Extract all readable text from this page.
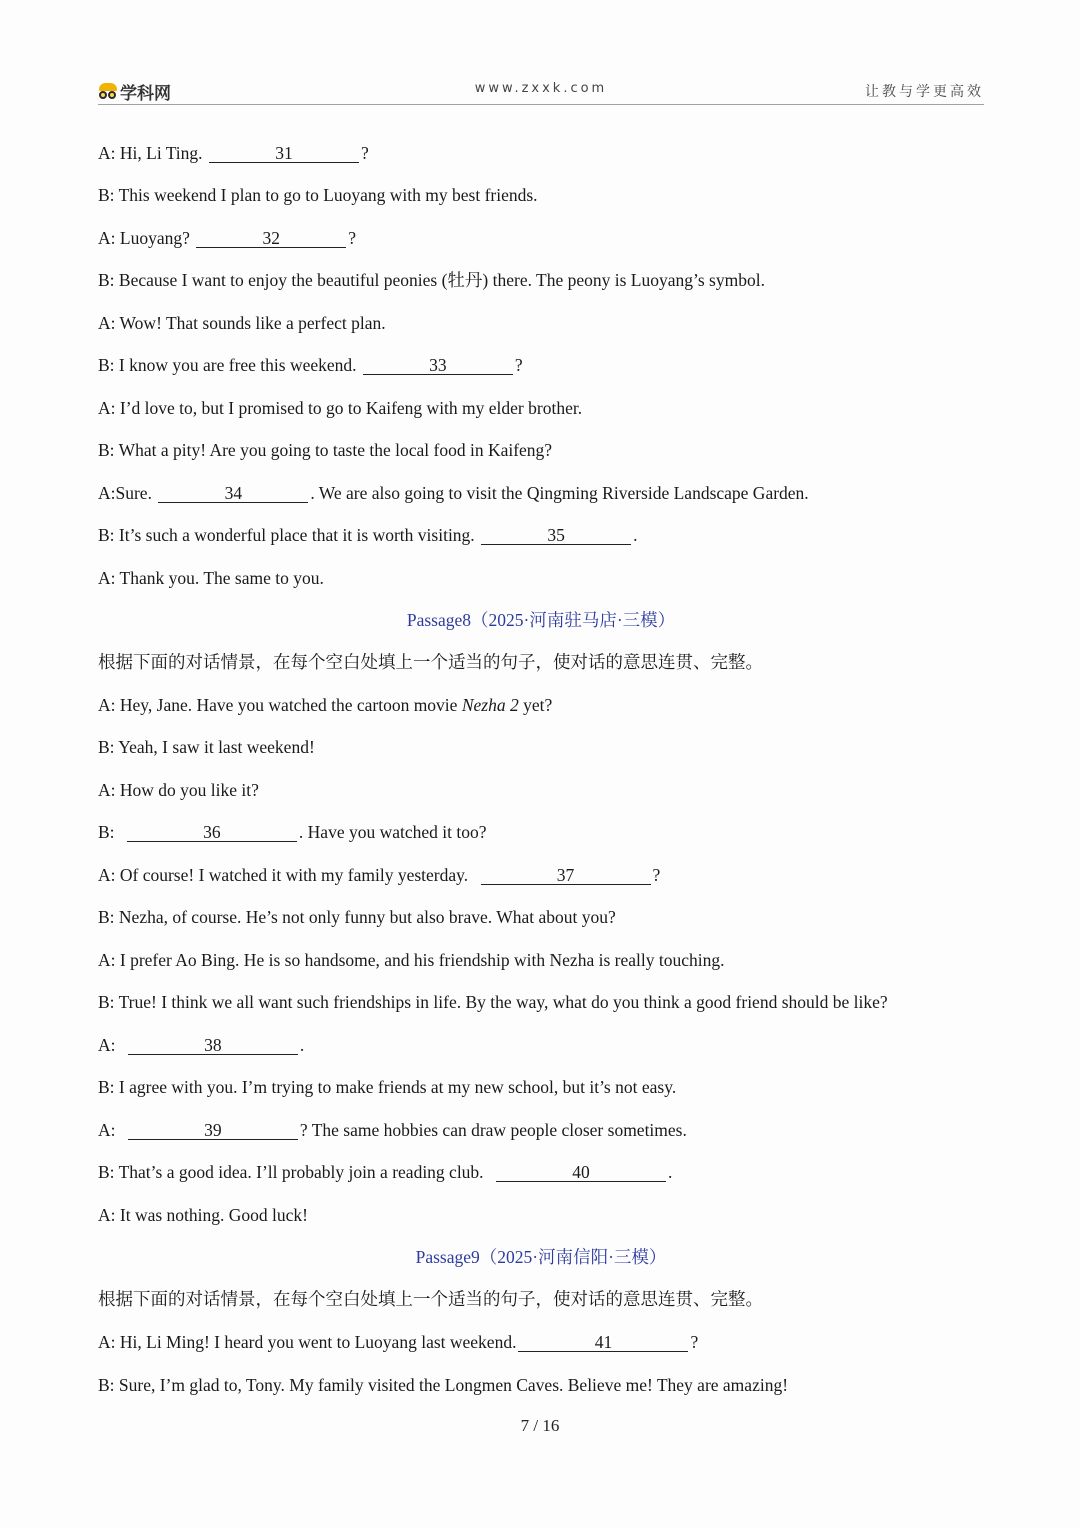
学科网	www.zxxk.com	让教与学更高效
A: Hi, Li Ting.	31	?
B: This weekend I plan to go to Luoyang with my best friends.
A: Luoyang?	32	?
B: Because I want to enjoy the beautiful peonies (牡丹) there. The peony is Luoyang’s symbol.
A: Wow! That sounds like a perfect plan.
B: I know you are free this weekend.	33	?
A: I’d love to, but I promised to go to Kaifeng with my elder brother.
B: What a pity! Are you going to taste the local food in Kaifeng?
A:Sure.	34	. We are also going to visit the Qingming Riverside Landscape Garden.
B: It’s such a wonderful place that it is worth visiting.	35	.
A: Thank you. The same to you.
Passage8（2025·河南驻马店·三模）
根据下面的对话情景，在每个空白处填上一个适当的句子，使对话的意思连贯、完整。
A: Hey, Jane. Have you watched the cartoon movie Nezha 2 yet?
B: Yeah, I saw it last weekend!
A: How do you like it?
B:	36	. Have you watched it too?
A: Of course! I watched it with my family yesterday.	37	?
B: Nezha, of course. He’s not only funny but also brave. What about you?
A: I prefer Ao Bing. He is so handsome, and his friendship with Nezha is really touching.
B: True! I think we all want such friendships in life. By the way, what do you think a good friend should be like?
A:	38	.
B: I agree with you. I’m trying to make friends at my new school, but it’s not easy.
A:	39	? The same hobbies can draw people closer sometimes.
B: That’s a good idea. I’ll probably join a reading club.	40	.
A: It was nothing. Good luck!
Passage9（2025·河南信阳·三模）
根据下面的对话情景，在每个空白处填上一个适当的句子，使对话的意思连贯、完整。
A: Hi, Li Ming! I heard you went to Luoyang last weekend.	41	?
B: Sure, I’m glad to, Tony. My family visited the Longmen Caves. Believe me! They are amazing!
7 / 16
